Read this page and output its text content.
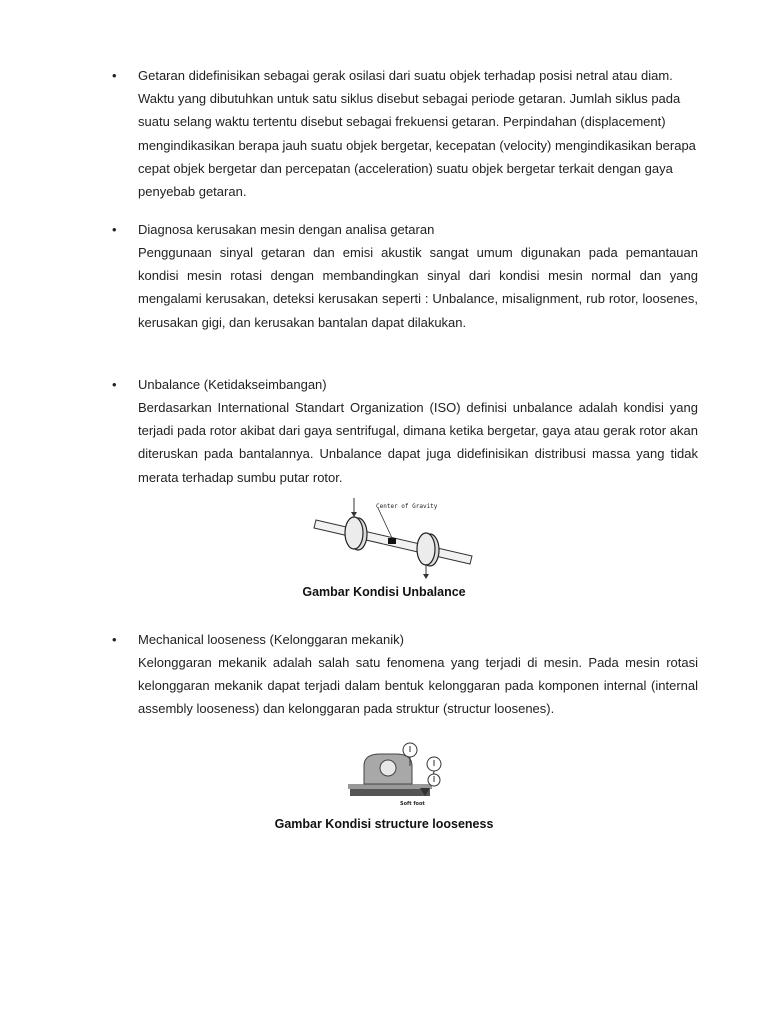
• Getaran didefinisikan sebagai gerak osilasi dari suatu objek terhadap posisi netral atau diam. Waktu yang dibutuhkan untuk satu siklus disebut sebagai periode getaran. Jumlah siklus pada suatu selang waktu tertentu disebut sebagai frekuensi getaran. Perpindahan (displacement) mengindikasikan berapa jauh suatu objek bergetar, kecepatan (velocity) mengindikasikan berapa cepat objek bergetar dan percepatan (acceleration) suatu objek bergetar terkait dengan gaya penyebab getaran.
• Diagnosa kerusakan mesin dengan analisa getaran
Penggunaan sinyal getaran dan emisi akustik sangat umum digunakan pada pemantauan kondisi mesin rotasi dengan membandingkan sinyal dari kondisi mesin normal dan yang mengalami kerusakan, deteksi kerusakan seperti : Unbalance, misalignment, rub rotor, loosenes, kerusakan gigi, dan kerusakan bantalan dapat dilakukan.
• Unbalance (Ketidakseimbangan)
Berdasarkan International Standart Organization (ISO) definisi unbalance adalah kondisi yang terjadi pada rotor akibat dari gaya sentrifugal, dimana ketika bergetar, gaya atau gerak rotor akan diteruskan pada bantalannya. Unbalance dapat juga didefinisikan distribusi massa yang tidak merata terhadap sumbu putar rotor.
Center of Gravity
Gambar Kondisi Unbalance
• Mechanical looseness (Kelonggaran mekanik)
Kelonggaran mekanik adalah salah satu fenomena yang terjadi di mesin. Pada mesin rotasi kelonggaran mekanik dapat terjadi dalam bentuk kelonggaran pada komponen internal (internal assembly looseness) dan kelonggaran pada struktur (structur loosenes).
Soft foot
Gambar Kondisi structure looseness
